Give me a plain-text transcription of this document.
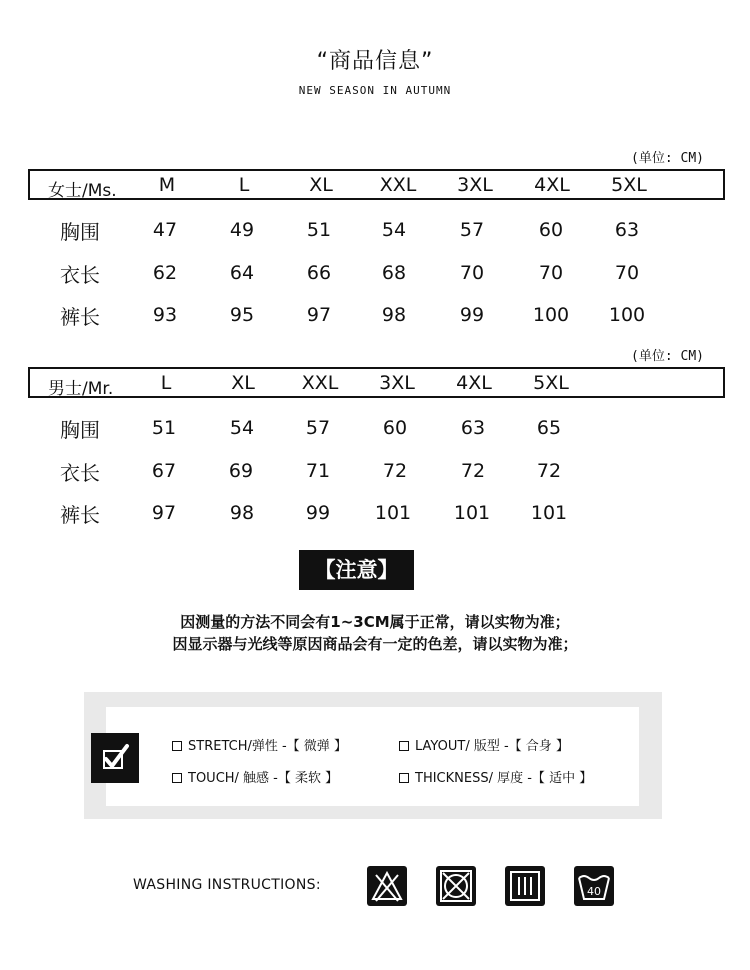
“商品信息”
NEW SEASON IN AUTUMN
(单位: CM)
女士/Ms. M	L	XL XXL 3XL 4XL 5XL
胸围	47	49	51	54	57	60	63
衣长	62	64	66	68	70	70	70
裤长	93	95	97	98	99	100 100
(单位: CM)
男士/Mr. L	XL XXL 3XL 4XL 5XL
胸围	51	54	57	60	63	65
衣长	67	69	71	72	72	72
裤长	97	98	99 101 101 101
【注意】
因测量的方法不同会有1~3CM属于正常，请以实物为准；
因显示器与光线等原因商品会有一定的色差，请以实物为准；
STRETCH/弹性 -【 微弹 】	LAYOUT/ 版型 -【 合身 】
TOUCH/ 触感 -【 柔软 】	THICKNESS/ 厚度 -【 适中 】
WASHING INSTRUCTIONS:	40
